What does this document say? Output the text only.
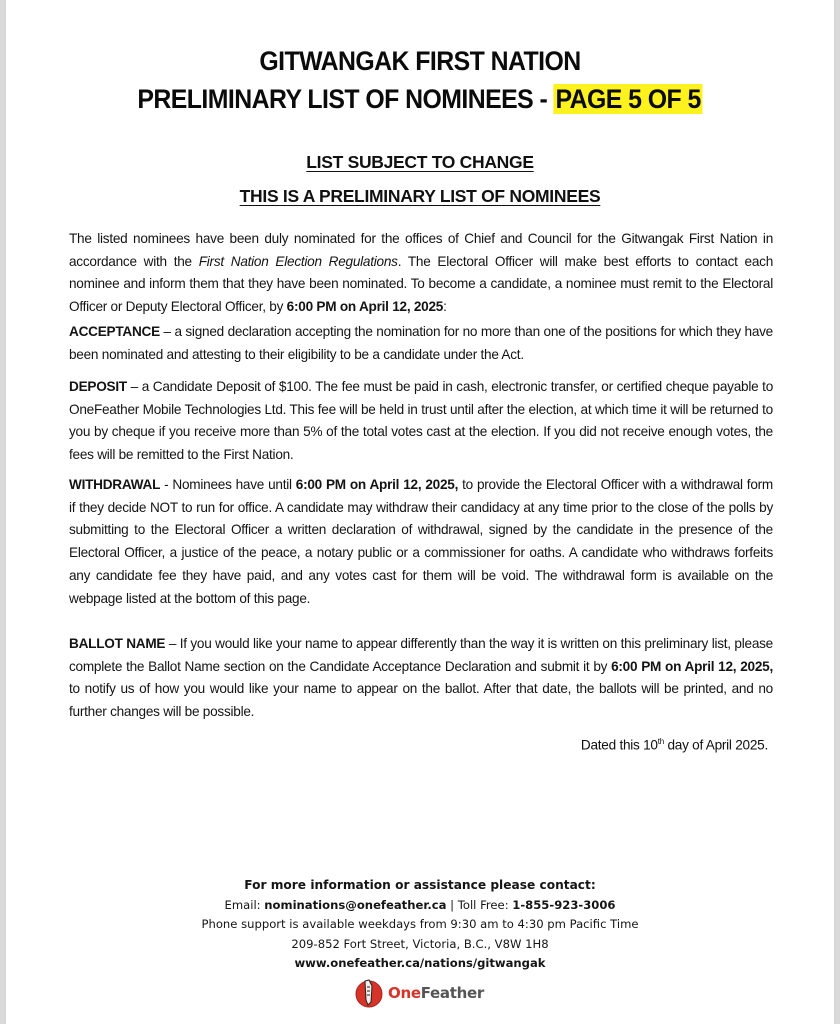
GITWANGAK FIRST NATION
PRELIMINARY LIST OF NOMINEES - PAGE 5 OF 5
LIST SUBJECT TO CHANGE
THIS IS A PRELIMINARY LIST OF NOMINEES
The listed nominees have been duly nominated for the offices of Chief and Council for the Gitwangak First Nation in accordance with the First Nation Election Regulations. The Electoral Officer will make best efforts to contact each nominee and inform them that they have been nominated. To become a candidate, a nominee must remit to the Electoral Officer or Deputy Electoral Officer, by 6:00 PM on April 12, 2025:
ACCEPTANCE – a signed declaration accepting the nomination for no more than one of the positions for which they have been nominated and attesting to their eligibility to be a candidate under the Act.
DEPOSIT – a Candidate Deposit of $100. The fee must be paid in cash, electronic transfer, or certified cheque payable to OneFeather Mobile Technologies Ltd. This fee will be held in trust until after the election, at which time it will be returned to you by cheque if you receive more than 5% of the total votes cast at the election. If you did not receive enough votes, the fees will be remitted to the First Nation.
WITHDRAWAL - Nominees have until 6:00 PM on April 12, 2025, to provide the Electoral Officer with a withdrawal form if they decide NOT to run for office. A candidate may withdraw their candidacy at any time prior to the close of the polls by submitting to the Electoral Officer a written declaration of withdrawal, signed by the candidate in the presence of the Electoral Officer, a justice of the peace, a notary public or a commissioner for oaths. A candidate who withdraws forfeits any candidate fee they have paid, and any votes cast for them will be void. The withdrawal form is available on the webpage listed at the bottom of this page.
BALLOT NAME – If you would like your name to appear differently than the way it is written on this preliminary list, please complete the Ballot Name section on the Candidate Acceptance Declaration and submit it by 6:00 PM on April 12, 2025, to notify us of how you would like your name to appear on the ballot. After that date, the ballots will be printed, and no further changes will be possible.
Dated this 10th day of April 2025.
For more information or assistance please contact:
Email: nominations@onefeather.ca | Toll Free: 1-855-923-3006
Phone support is available weekdays from 9:30 am to 4:30 pm Pacific Time
209-852 Fort Street, Victoria, B.C., V8W 1H8
www.onefeather.ca/nations/gitwangak
OneFeather
